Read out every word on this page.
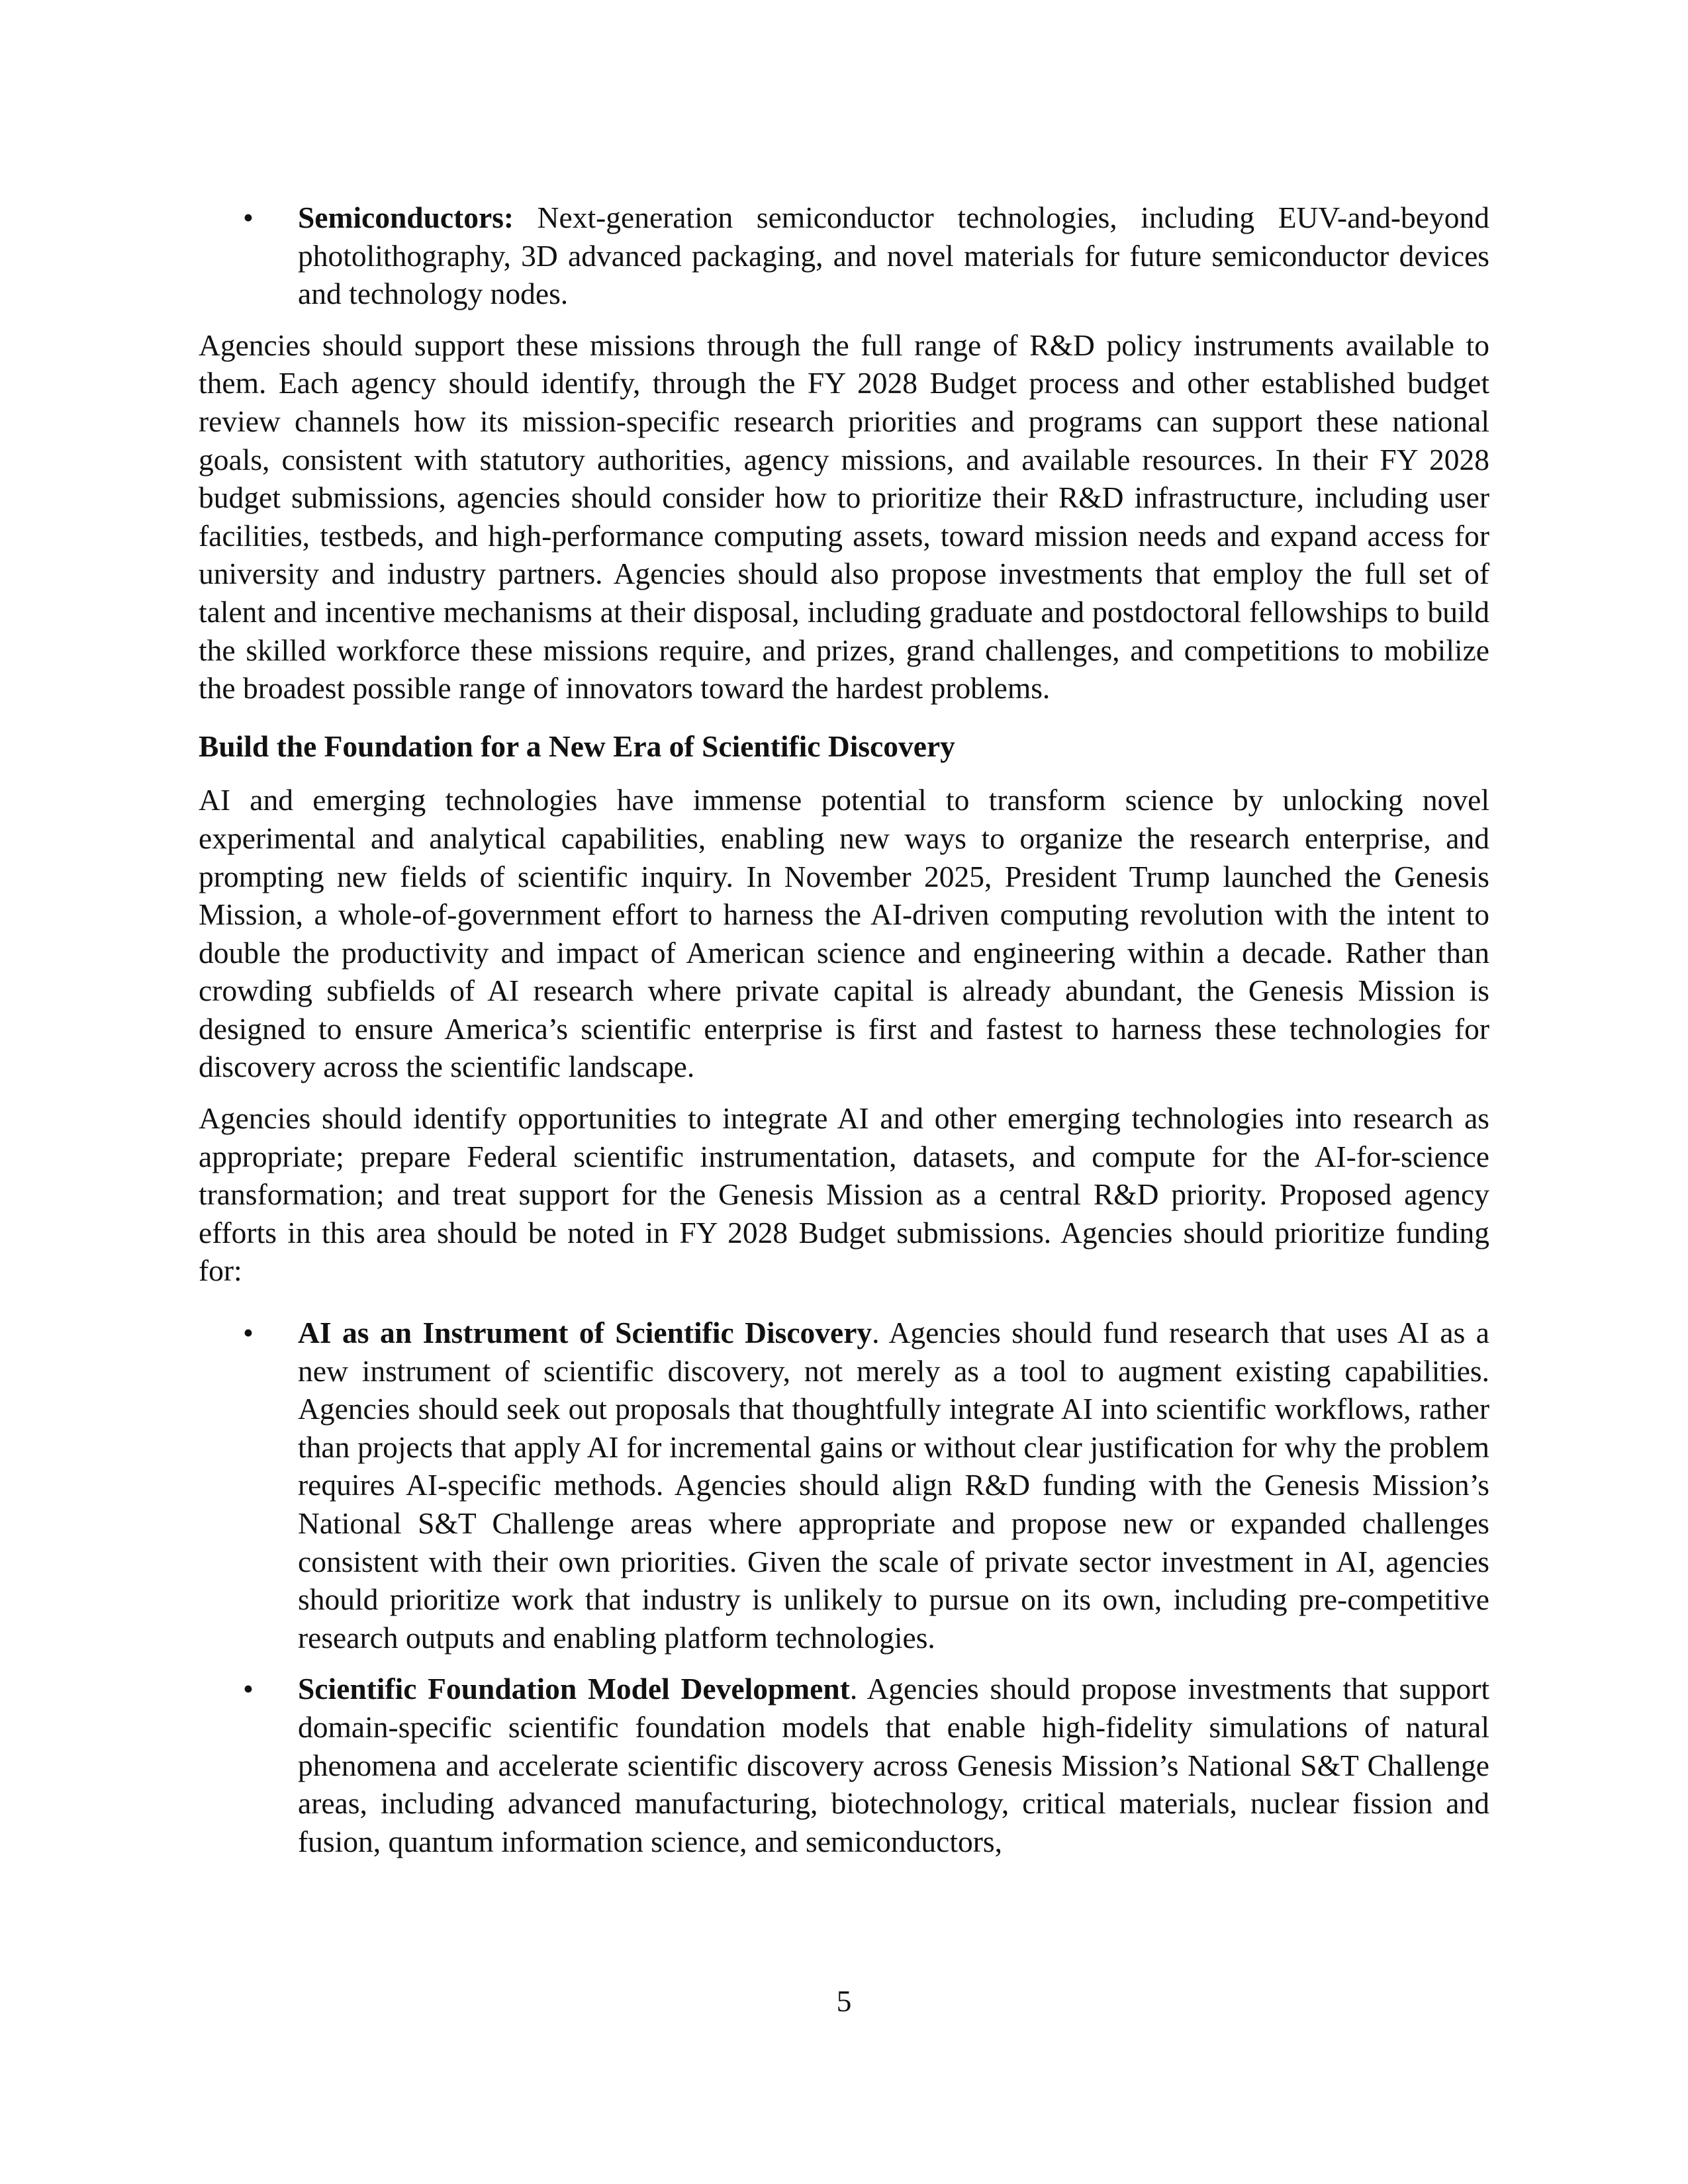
• Semiconductors: Next-generation semiconductor technologies, including EUV-and-beyond photolithography, 3D advanced packaging, and novel materials for future semiconductor devices and technology nodes.

Agencies should support these missions through the full range of R&D policy instruments available to them. Each agency should identify, through the FY 2028 Budget process and other established budget review channels how its mission-specific research priorities and programs can support these national goals, consistent with statutory authorities, agency missions, and available resources. In their FY 2028 budget submissions, agencies should consider how to prioritize their R&D infrastructure, including user facilities, testbeds, and high-performance computing assets, toward mission needs and expand access for university and industry partners. Agencies should also propose investments that employ the full set of talent and incentive mechanisms at their disposal, including graduate and postdoctoral fellowships to build the skilled workforce these missions require, and prizes, grand challenges, and competitions to mobilize the broadest possible range of innovators toward the hardest problems.

Build the Foundation for a New Era of Scientific Discovery

AI and emerging technologies have immense potential to transform science by unlocking novel experimental and analytical capabilities, enabling new ways to organize the research enterprise, and prompting new fields of scientific inquiry. In November 2025, President Trump launched the Genesis Mission, a whole-of-government effort to harness the AI-driven computing revolution with the intent to double the productivity and impact of American science and engineering within a decade. Rather than crowding subfields of AI research where private capital is already abundant, the Genesis Mission is designed to ensure America’s scientific enterprise is first and fastest to harness these technologies for discovery across the scientific landscape.

Agencies should identify opportunities to integrate AI and other emerging technologies into research as appropriate; prepare Federal scientific instrumentation, datasets, and compute for the AI-for-science transformation; and treat support for the Genesis Mission as a central R&D priority. Proposed agency efforts in this area should be noted in FY 2028 Budget submissions. Agencies should prioritize funding for:

• AI as an Instrument of Scientific Discovery. Agencies should fund research that uses AI as a new instrument of scientific discovery, not merely as a tool to augment existing capabilities. Agencies should seek out proposals that thoughtfully integrate AI into scientific workflows, rather than projects that apply AI for incremental gains or without clear justification for why the problem requires AI-specific methods. Agencies should align R&D funding with the Genesis Mission’s National S&T Challenge areas where appropriate and propose new or expanded challenges consistent with their own priorities. Given the scale of private sector investment in AI, agencies should prioritize work that industry is unlikely to pursue on its own, including pre-competitive research outputs and enabling platform technologies.
• Scientific Foundation Model Development. Agencies should propose investments that support domain-specific scientific foundation models that enable high-fidelity simulations of natural phenomena and accelerate scientific discovery across Genesis Mission’s National S&T Challenge areas, including advanced manufacturing, biotechnology, critical materials, nuclear fission and fusion, quantum information science, and semiconductors,
5
